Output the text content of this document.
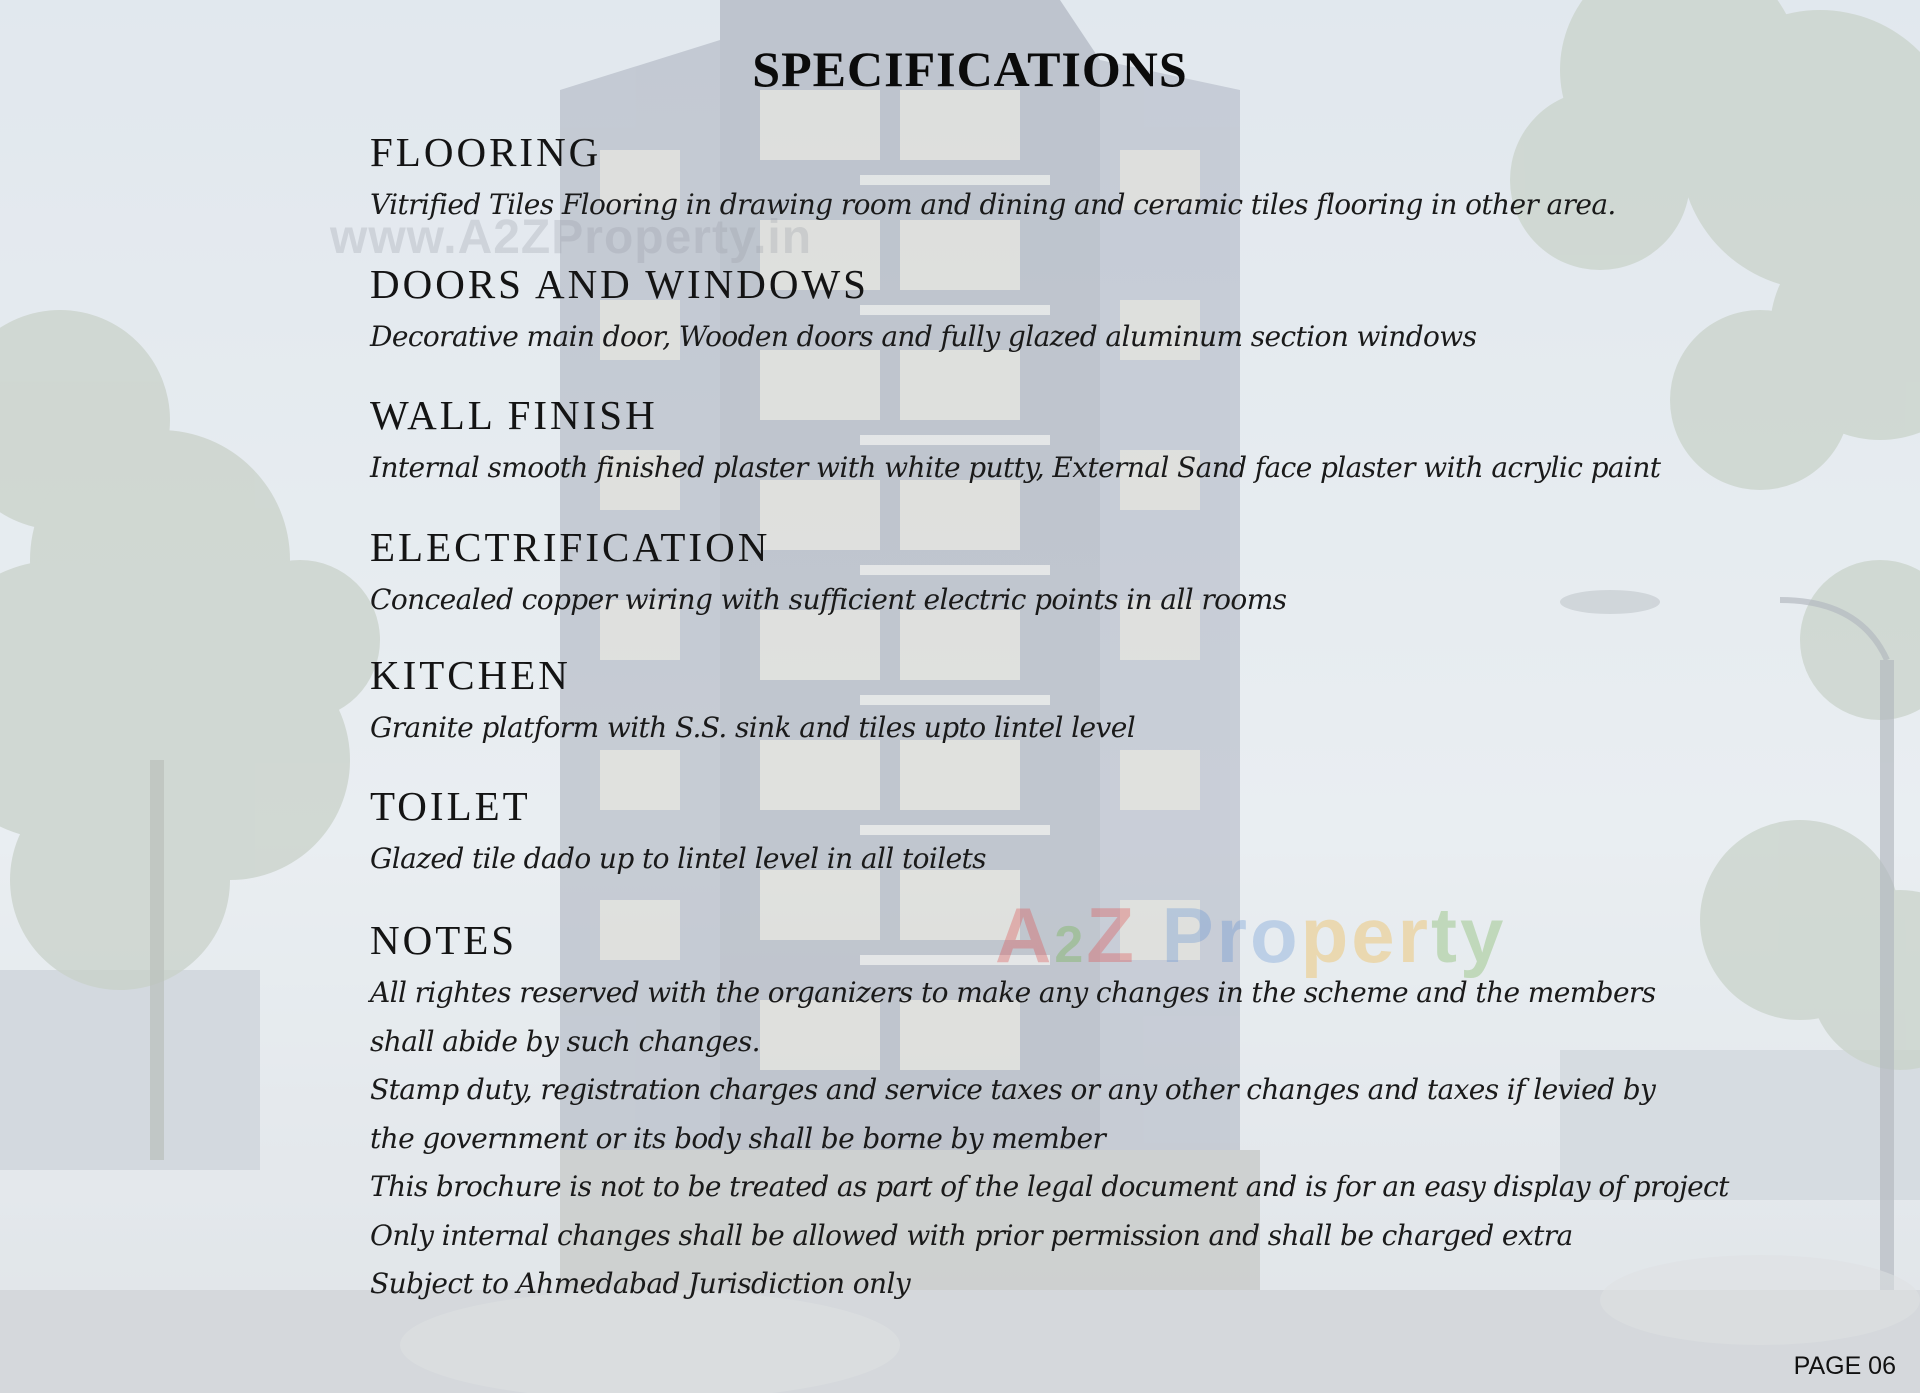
www.A2ZProperty.in
A2Z Property
SPECIFICATIONS
FLOORING

Vitrified Tiles Flooring in drawing room and dining and ceramic tiles flooring in other area.

DOORS AND WINDOWS

Decorative main door, Wooden doors and fully glazed aluminum section windows

WALL FINISH

Internal smooth finished plaster with white putty, External Sand face plaster with acrylic paint

ELECTRIFICATION

Concealed copper wiring with sufficient electric points in all rooms

KITCHEN

Granite platform with S.S. sink and tiles upto lintel level

TOILET

Glazed tile dado up to lintel level in all toilets

NOTES

All rightes reserved with the organizers to make any changes in the scheme and the members

shall abide by such changes.

Stamp duty, registration charges and service taxes or any other changes and taxes if levied by

the government or its body shall be borne by member

This brochure is not to be treated as part of the legal document and is for an easy display of project

Only internal changes shall be allowed with prior permission and shall be charged extra

Subject to Ahmedabad Jurisdiction only

PAGE 06
